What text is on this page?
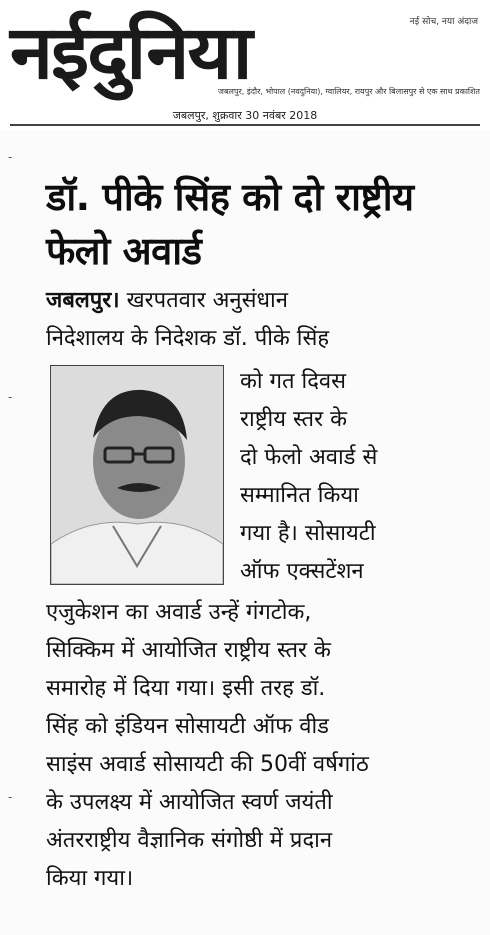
नई सोच, नया अंदाज
नईदुनिया
जबलपुर, इंदौर, भोपाल (नवदुनिया), ग्वालियर, रायपुर और बिलासपुर से एक साथ प्रकाशित
जबलपुर, शुक्रवार 30 नवंबर 2018
डॉ. पीके सिंह को दो राष्ट्रीय फेलो अवार्ड
जबलपुर। खरपतवार अनुसंधान
निदेशालय के निदेशक डॉ. पीके सिंह
को गत दिवस
राष्ट्रीय स्तर के
दो फेलो अवार्ड से
सम्मानित किया
गया है। सोसायटी
ऑफ एक्सटेंशन
एजुकेशन का अवार्ड उन्हें गंगटोक,
सिक्किम में आयोजित राष्ट्रीय स्तर के
समारोह में दिया गया। इसी तरह डॉ.
सिंह को इंडियन सोसायटी ऑफ वीड
साइंस अवार्ड सोसायटी की 50वीं वर्षगांठ
के उपलक्ष्य में आयोजित स्वर्ण जयंती
अंतरराष्ट्रीय वैज्ञानिक संगोष्ठी में प्रदान
किया गया।
-
-
-
